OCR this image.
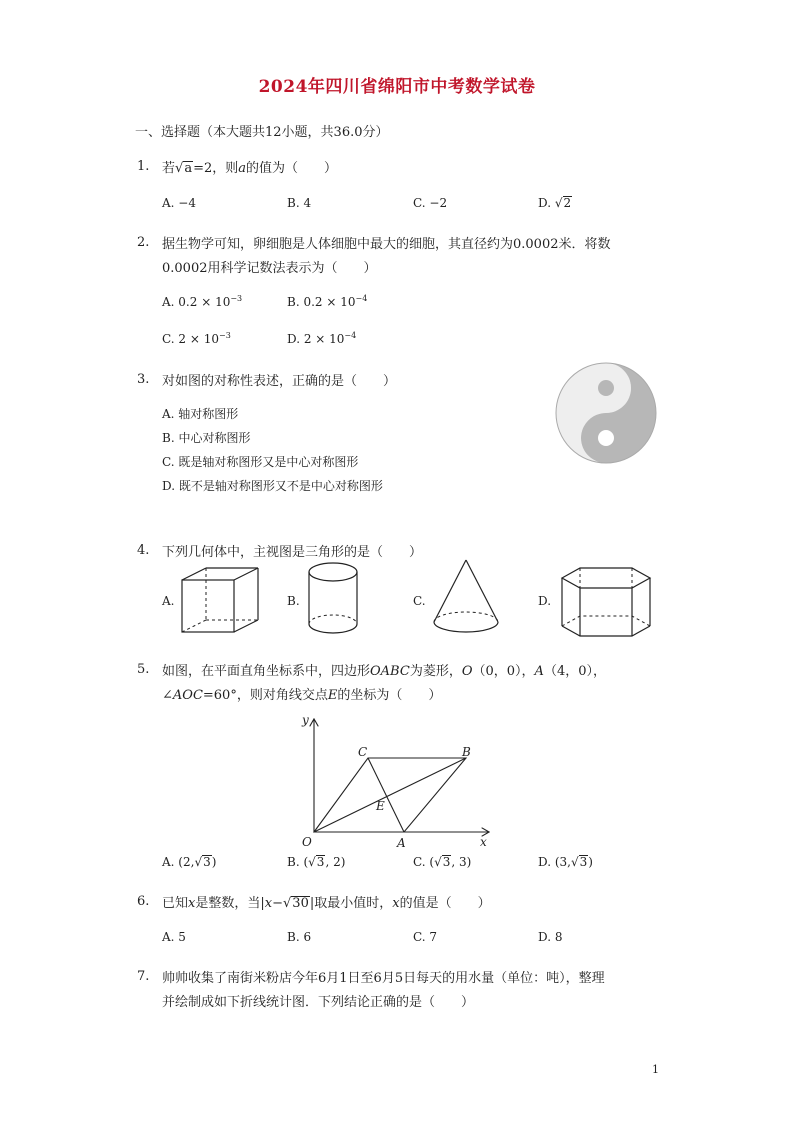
2024年四川省绵阳市中考数学试卷
一、选择题（本大题共12小题，共36.0分）
1. 若√a=2，则a的值为（　　）
A. −4	B. 4	C. −2	D. √2
2. 据生物学可知，卵细胞是人体细胞中最大的细胞，其直径约为0.0002米．将数
0.0002用科学记数法表示为（　　）
A. $0.2 \times 10^{-3}$	B. $0.2 \times 10^{-4}$
C. $2 \times 10^{-3}$	D. $2 \times 10^{-4}$
3. 对如图的对称性表述，正确的是（　　）
A. 轴对称图形
B. 中心对称图形
C. 既是轴对称图形又是中心对称图形
D. 既不是轴对称图形又不是中心对称图形
4. 下列几何体中，主视图是三角形的是（　　）
A.	B.	C.	D.
5. 如图，在平面直角坐标系中，四边形OABC为菱形，O（0，0），A（4，0），
∠AOC=60°，则对角线交点E的坐标为（　　）
y
x
C	B
E
O	A
A. (2,√3)	B. (√3, 2)	C. (√3, 3)	D. (3,√3)
6. 已知x是整数，当|x−√30|取最小值时，x的值是（　　）
A. 5	B. 6	C. 7	D. 8
7. 帅帅收集了南街米粉店今年6月1日至6月5日每天的用水量（单位：吨），整理
并绘制成如下折线统计图．下列结论正确的是（　　）
1
